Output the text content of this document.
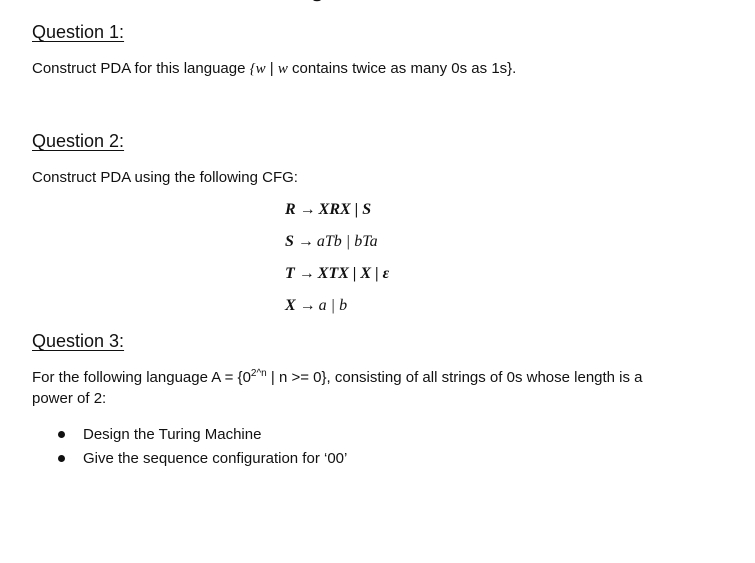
Question 1:

Construct PDA for this language {w | w contains twice as many 0s as 1s}.

Question 2:

Construct PDA using the following CFG:

R → XRX | S

S → aTb | bTa

T → XTX | X | ε

X → a | b

Question 3:

For the following language $A = \{0^{2\^{}n}$ | n >= 0}, consisting of all strings of 0s whose length is a
power of 2:

Design the Turing Machine
Give the sequence configuration for ‘00’
